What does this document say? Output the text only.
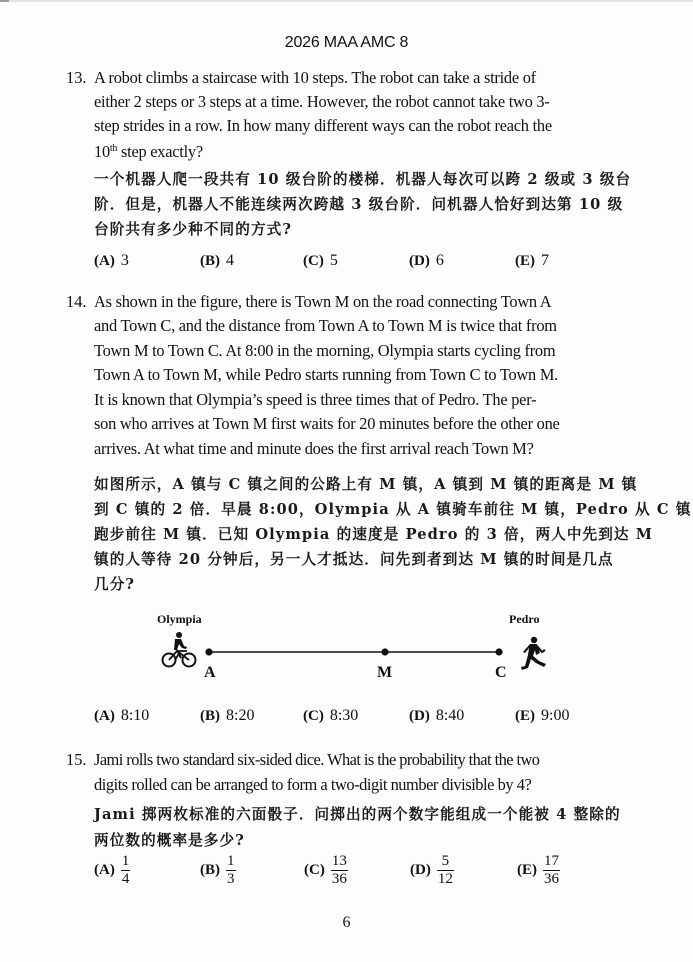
2026 MAA AMC 8
13. A robot climbs a staircase with 10 steps. The robot can take a stride of
either 2 steps or 3 steps at a time. However, the robot cannot take two 3-
step strides in a row. In how many different ways can the robot reach the
10th step exactly?
一个机器人爬一段共有 10 级台阶的楼梯．机器人每次可以跨 2 级或 3 级台
阶．但是，机器人不能连续两次跨越 3 级台阶．问机器人恰好到达第 10 级
台阶共有多少种不同的方式?
(A) 3	(B) 4	(C) 5	(D) 6	(E) 7
14. As shown in the figure, there is Town M on the road connecting Town A
and Town C, and the distance from Town A to Town M is twice that from
Town M to Town C. At 8:00 in the morning, Olympia starts cycling from
Town A to Town M, while Pedro starts running from Town C to Town M.
It is known that Olympia’s speed is three times that of Pedro. The per-
son who arrives at Town M first waits for 20 minutes before the other one
arrives. At what time and minute does the first arrival reach Town M?
如图所示，A 镇与 C 镇之间的公路上有 M 镇，A 镇到 M 镇的距离是 M 镇
到 C 镇的 2 倍．早晨 8:00，Olympia 从 A 镇骑车前往 M 镇，Pedro 从 C 镇
跑步前往 M 镇．已知 Olympia 的速度是 Pedro 的 3 倍，两人中先到达 M
镇的人等待 20 分钟后，另一人才抵达．问先到者到达 M 镇的时间是几点
几分?
Olympia	Pedro
A	M	C
(A) 8:10	(B) 8:20	(C) 8:30	(D) 8:40	(E) 9:00
15. Jami rolls two standard six-sided dice. What is the probability that the two
digits rolled can be arranged to form a two-digit number divisible by 4?
Jami 掷两枚标准的六面骰子．问掷出的两个数字能组成一个能被 4 整除的
两位数的概率是多少?
$(A) \frac{1}{4}$	$(B) \frac{1}{3}$	$(C) \frac{13}{36}$	$(D) \frac{5}{12}$	$(E) \frac{17}{36}$
6
